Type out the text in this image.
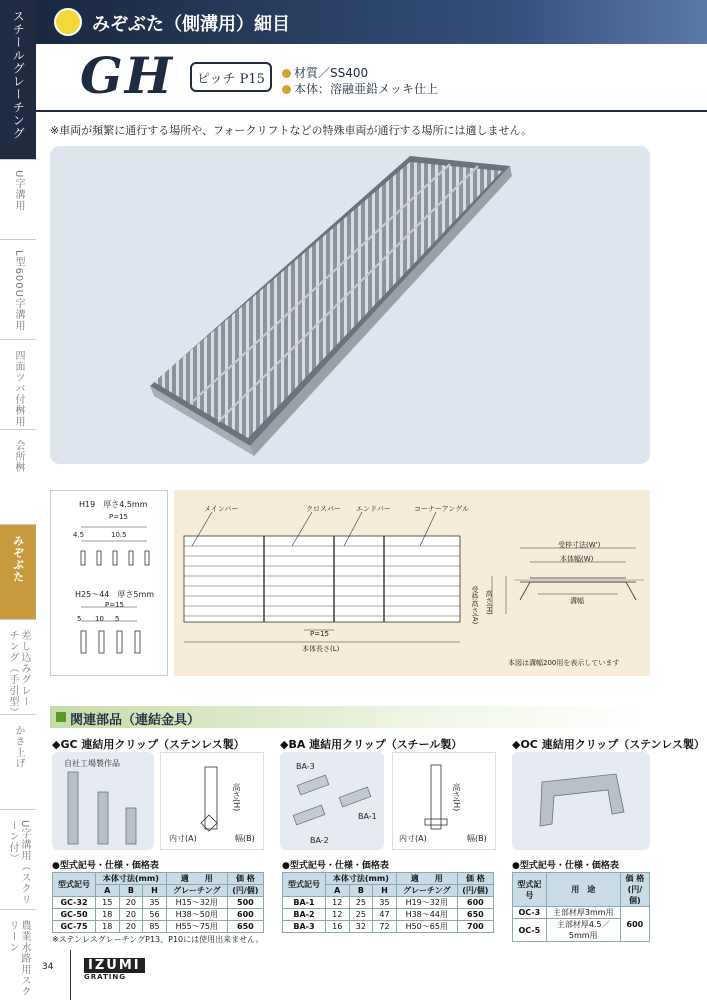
スチールグレーチング
U字溝用
L型600U字溝用
四面ツバ付桝用
会所桝
みぞぶた
差し込みグレーチング（手引型）
かさ上げ
U字溝用（スクリーン付）
農業水路用スクリーン
みぞぶた（側溝用）細目
GH	ピッチ P15	材質／SS400
本体：溶融亜鉛メッキ仕上
※車両が頻繁に通行する場所や、フォークリフトなどの特殊車両が通行する場所には適しません。
H19　厚さ4.5mm
P=15
4.5	10.5
H25〜44　厚さ5mm
P=15
5 10 5
メインバー	クロスバー エンドバー	コーナーアングル
P=15
本体長さ(L)
受枠寸法(W')
本体幅(W)
溝幅
受枠高さ(A) 高さ(H)
本図は溝幅200用を表示しています
関連部品（連結金具）
◆GC 連結用クリップ（ステンレス製）
自社工場製作品
高さ(H)
内寸(A)	幅(B)
●型式記号・仕様・価格表
型式記号	本体寸法(mm)			適　　用	価 格
	A	B	H	グレーチング	(円/個)
GC-32	15	20	35	H15〜32用	500
GC-50	18	20	56	H38〜50用	600
GC-75	18	20	85	H55〜75用	650
◆BA 連結用クリップ（スチール製）
BA-3
BA-1
BA-2
高さ(H)
内寸(A)	幅(B)
●型式記号・仕様・価格表
型式記号	本体寸法(mm)			適　　用	価 格
	A	B	H	グレーチング	(円/個)
BA-1	12	25	35	H19〜32用	600
BA-2	12	25	47	H38〜44用	650
BA-3	16	32	72	H50〜65用	700
◆OC 連結用クリップ（ステンレス製）
●型式記号・仕様・価格表
型式記号	用　途	価 格
(円/個)
OC-3	主部材厚3mm用	600
OC-5	主部材厚4.5／5mm用	
※ステンレスグレーチングP13、P10には使用出来ません。
34	IZUMI
GRATING
